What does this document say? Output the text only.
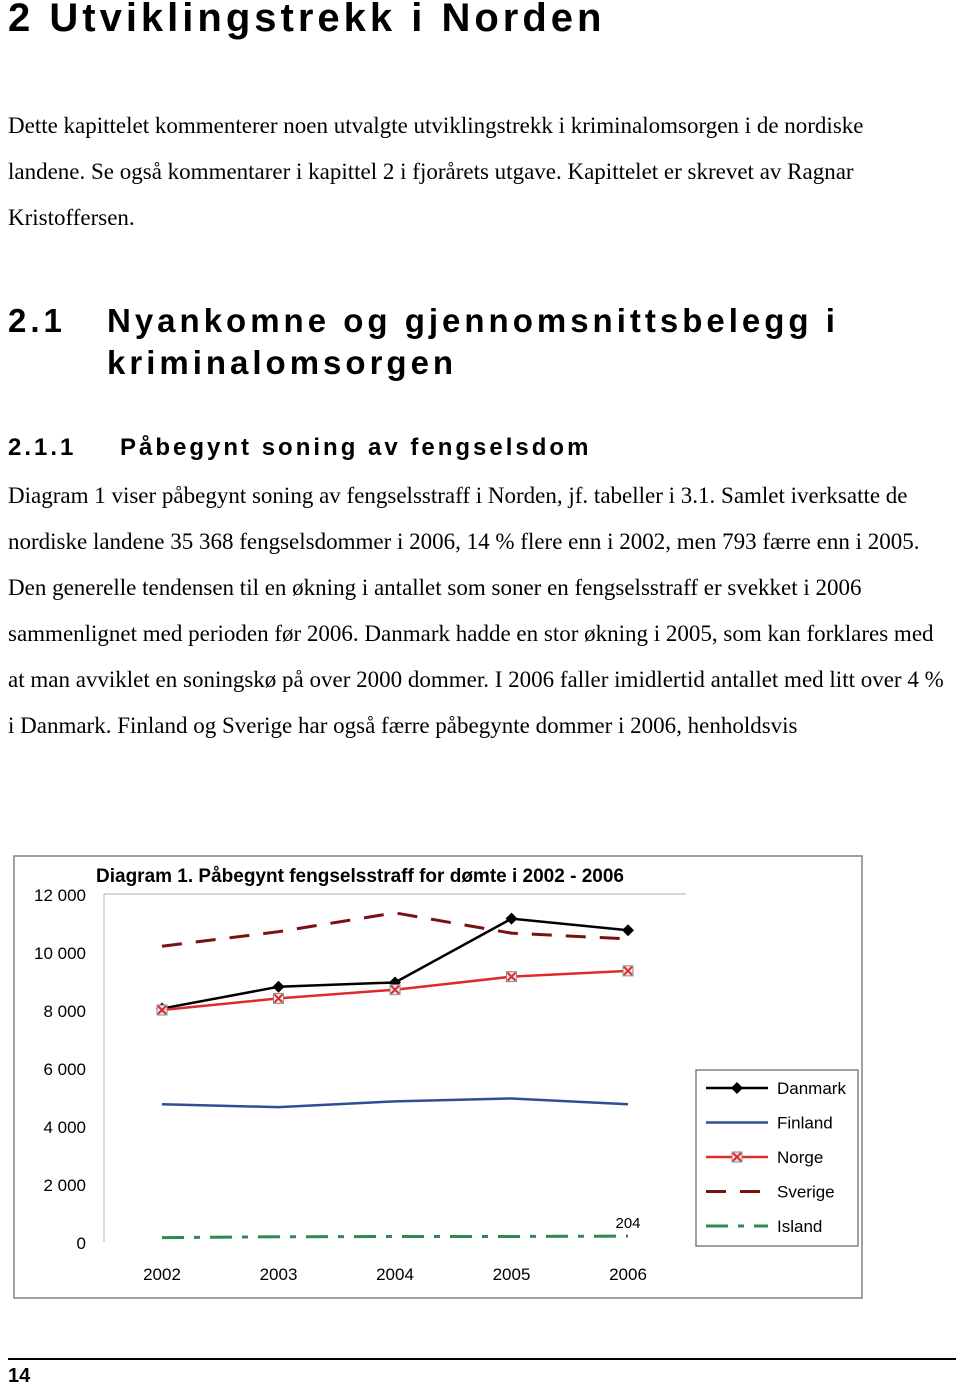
2 Utviklingstrekk i Norden
Dette kapittelet kommenterer noen utvalgte utviklingstrekk i kriminalomsorgen i de nordiske landene. Se også kommentarer i kapittel 2 i fjorårets utgave. Kapittelet er skrevet av Ragnar Kristoffersen.
2.1 Nyankomne og gjennomsnittsbelegg i kriminalomsorgen
2.1.1 Påbegynt soning av fengselsdom
Diagram 1 viser påbegynt soning av fengselsstraff i Norden, jf. tabeller i 3.1. Samlet iverksatte de nordiske landene 35 368 fengselsdommer i 2006, 14 % flere enn i 2002, men 793 færre enn i 2005. Den generelle tendensen til en økning i antallet som soner en fengselsstraff er svekket i 2006 sammenlignet med perioden før 2006. Danmark hadde en stor økning i 2005, som kan forklares med at man avviklet en soningskø på over 2000 dommer. I 2006 faller imidlertid antallet med litt over 4 % i Danmark. Finland og Sverige har også færre påbegynte dommer i 2006, henholdsvis
Diagram 1. Påbegynt fengselsstraff for dømte i 2002 - 2006
0
2 000
4 000
6 000
8 000
10 000
12 000
2002	2003	2004	2005	2006
204
Danmark
Finland
Norge
Sverige
Island
14
